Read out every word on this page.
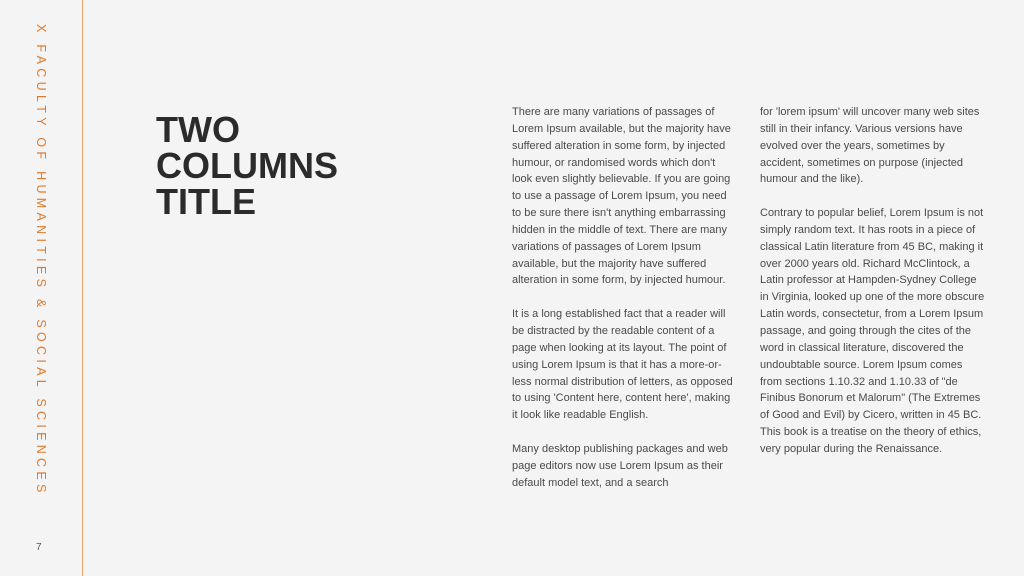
X FACULTY OF HUMANITIES & SOCIAL SCIENCES
7
TWO
COLUMNS
TITLE

There are many variations of passages of Lorem Ipsum available, but the majority have suffered alteration in some form, by injected humour, or randomised words which don't look even slightly believable. If you are going to use a passage of Lorem Ipsum, you need to be sure there isn't anything embarrassing hidden in the middle of text. There are many variations of passages of Lorem Ipsum available, but the majority have suffered alteration in some form, by injected humour.

It is a long established fact that a reader will be distracted by the readable content of a page when looking at its layout. The point of using Lorem Ipsum is that it has a more-or-less normal distribution of letters, as opposed to using 'Content here, content here', making it look like readable English.

Many desktop publishing packages and web page editors now use Lorem Ipsum as their default model text, and a search

for 'lorem ipsum' will uncover many web sites still in their infancy. Various versions have evolved over the years, sometimes by accident, sometimes on purpose (injected humour and the like).

Contrary to popular belief, Lorem Ipsum is not simply random text. It has roots in a piece of classical Latin literature from 45 BC, making it over 2000 years old. Richard McClintock, a Latin professor at Hampden-Sydney College in Virginia, looked up one of the more obscure Latin words, consectetur, from a Lorem Ipsum passage, and going through the cites of the word in classical literature, discovered the undoubtable source. Lorem Ipsum comes from sections 1.10.32 and 1.10.33 of "de Finibus Bonorum et Malorum" (The Extremes of Good and Evil) by Cicero, written in 45 BC. This book is a treatise on the theory of ethics, very popular during the Renaissance.
